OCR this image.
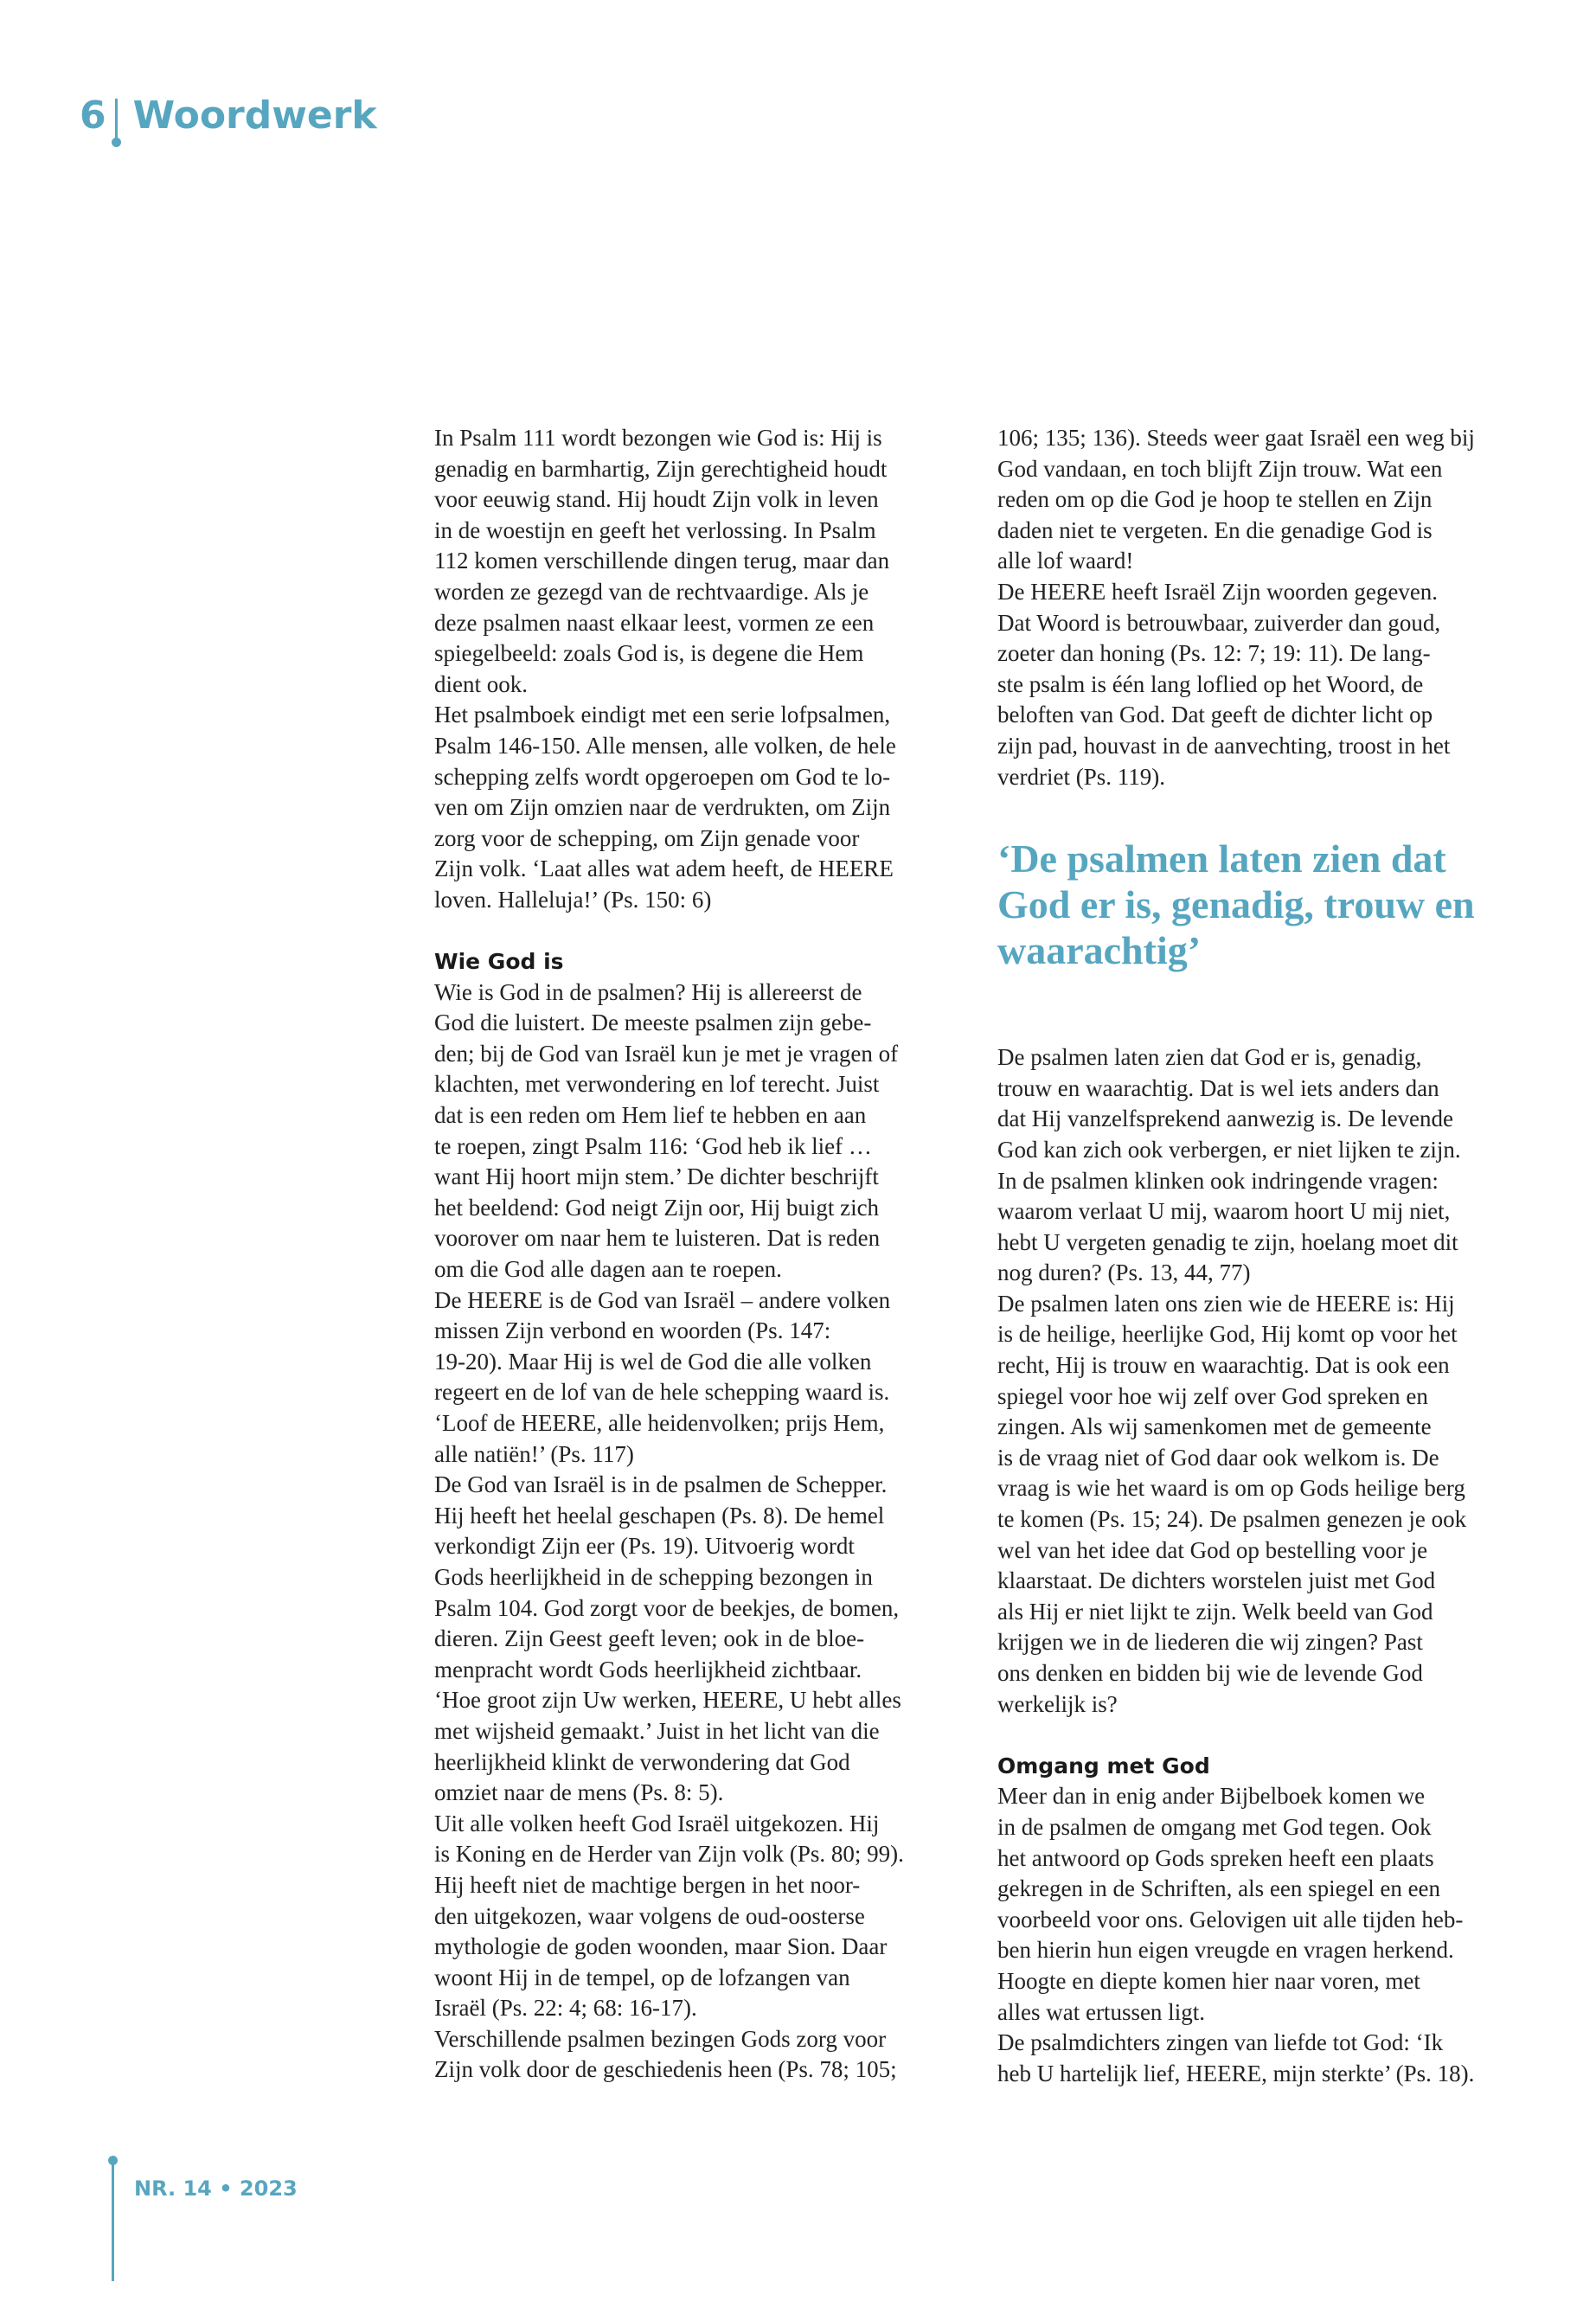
6 Woordwerk
In Psalm 111 wordt bezongen wie God is: Hij is
genadig en barmhartig, Zijn gerechtigheid houdt
voor eeuwig stand. Hij houdt Zijn volk in leven
in de woestijn en geeft het verlossing. In Psalm
112 komen verschillende dingen terug, maar dan
worden ze gezegd van de rechtvaardige. Als je
deze psalmen naast elkaar leest, vormen ze een
spiegelbeeld: zoals God is, is degene die Hem
dient ook.
Het psalmboek eindigt met een serie lofpsalmen,
Psalm 146-150. Alle mensen, alle volken, de hele
schepping zelfs wordt opgeroepen om God te lo-
ven om Zijn omzien naar de verdrukten, om Zijn
zorg voor de schepping, om Zijn genade voor
Zijn volk. ‘Laat alles wat adem heeft, de HEERE
loven. Halleluja!’ (Ps. 150: 6)
Wie God is
Wie is God in de psalmen? Hij is allereerst de
God die luistert. De meeste psalmen zijn gebe-
den; bij de God van Israël kun je met je vragen of
klachten, met verwondering en lof terecht. Juist
dat is een reden om Hem lief te hebben en aan
te roepen, zingt Psalm 116: ‘God heb ik lief …
want Hij hoort mijn stem.’ De dichter beschrijft
het beeldend: God neigt Zijn oor, Hij buigt zich
voorover om naar hem te luisteren. Dat is reden
om die God alle dagen aan te roepen.
De HEERE is de God van Israël – andere volken
missen Zijn verbond en woorden (Ps. 147:
19-20). Maar Hij is wel de God die alle volken
regeert en de lof van de hele schepping waard is.
‘Loof de HEERE, alle heidenvolken; prijs Hem,
alle natiën!’ (Ps. 117)
De God van Israël is in de psalmen de Schepper.
Hij heeft het heelal geschapen (Ps. 8). De hemel
verkondigt Zijn eer (Ps. 19). Uitvoerig wordt
Gods heerlijkheid in de schepping bezongen in
Psalm 104. God zorgt voor de beekjes, de bomen,
dieren. Zijn Geest geeft leven; ook in de bloe-
menpracht wordt Gods heerlijkheid zichtbaar.
‘Hoe groot zijn Uw werken, HEERE, U hebt alles
met wijsheid gemaakt.’ Juist in het licht van die
heerlijkheid klinkt de verwondering dat God
omziet naar de mens (Ps. 8: 5).
Uit alle volken heeft God Israël uitgekozen. Hij
is Koning en de Herder van Zijn volk (Ps. 80; 99).
Hij heeft niet de machtige bergen in het noor-
den uitgekozen, waar volgens de oud-oosterse
mythologie de goden woonden, maar Sion. Daar
woont Hij in de tempel, op de lofzangen van
Israël (Ps. 22: 4; 68: 16-17).
Verschillende psalmen bezingen Gods zorg voor
Zijn volk door de geschiedenis heen (Ps. 78; 105;
106; 135; 136). Steeds weer gaat Israël een weg bij
God vandaan, en toch blijft Zijn trouw. Wat een
reden om op die God je hoop te stellen en Zijn
daden niet te vergeten. En die genadige God is
alle lof waard!
De HEERE heeft Israël Zijn woorden gegeven.
Dat Woord is betrouwbaar, zuiverder dan goud,
zoeter dan honing (Ps. 12: 7; 19: 11). De lang-
ste psalm is één lang loflied op het Woord, de
beloften van God. Dat geeft de dichter licht op
zijn pad, houvast in de aanvechting, troost in het
verdriet (Ps. 119).
‘De psalmen laten zien dat
God er is, genadig, trouw en
waarachtig’
De psalmen laten zien dat God er is, genadig,
trouw en waarachtig. Dat is wel iets anders dan
dat Hij vanzelfsprekend aanwezig is. De levende
God kan zich ook verbergen, er niet lijken te zijn.
In de psalmen klinken ook indringende vragen:
waarom verlaat U mij, waarom hoort U mij niet,
hebt U vergeten genadig te zijn, hoelang moet dit
nog duren? (Ps. 13, 44, 77)
De psalmen laten ons zien wie de HEERE is: Hij
is de heilige, heerlijke God, Hij komt op voor het
recht, Hij is trouw en waarachtig. Dat is ook een
spiegel voor hoe wij zelf over God spreken en
zingen. Als wij samenkomen met de gemeente
is de vraag niet of God daar ook welkom is. De
vraag is wie het waard is om op Gods heilige berg
te komen (Ps. 15; 24). De psalmen genezen je ook
wel van het idee dat God op bestelling voor je
klaarstaat. De dichters worstelen juist met God
als Hij er niet lijkt te zijn. Welk beeld van God
krijgen we in de liederen die wij zingen? Past
ons denken en bidden bij wie de levende God
werkelijk is?
Omgang met God
Meer dan in enig ander Bijbelboek komen we
in de psalmen de omgang met God tegen. Ook
het antwoord op Gods spreken heeft een plaats
gekregen in de Schriften, als een spiegel en een
voorbeeld voor ons. Gelovigen uit alle tijden heb-
ben hierin hun eigen vreugde en vragen herkend.
Hoogte en diepte komen hier naar voren, met
alles wat ertussen ligt.
De psalmdichters zingen van liefde tot God: ‘Ik
heb U hartelijk lief, HEERE, mijn sterkte’ (Ps. 18).
NR. 14 • 2023
